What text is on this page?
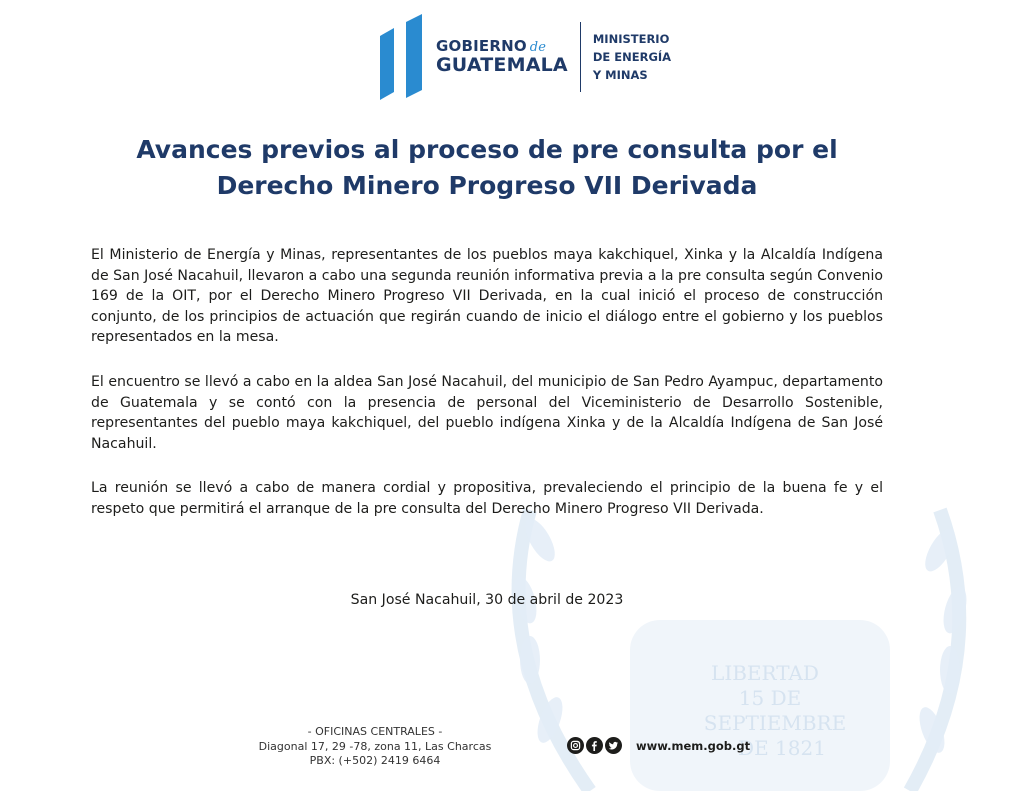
LIBERTAD
15 DE
SEPTIEMBRE
DE 1821
GOBIERNO de
GUATEMALA
MINISTERIO
DE ENERGÍA
Y MINAS
Avances previos al proceso de pre consulta por el
Derecho Minero Progreso VII Derivada

El Ministerio de Energía y Minas, representantes de los pueblos maya kakchiquel, Xinka y la Alcaldía Indígena de San José Nacahuil, llevaron a cabo una segunda reunión informativa previa a la pre consulta según Convenio 169 de la OIT, por el Derecho Minero Progreso VII Derivada, en la cual inició el proceso de construcción conjunto, de los principios de actuación que regirán cuando de inicio el diálogo entre el gobierno y los pueblos representados en la mesa.

El encuentro se llevó a cabo en la aldea San José Nacahuil, del municipio de San Pedro Ayampuc, departamento de Guatemala y se contó con la presencia de personal del Viceministerio de Desarrollo Sostenible, representantes del pueblo maya kakchiquel, del pueblo indígena Xinka y de la Alcaldía Indígena de San José Nacahuil.

La reunión se llevó a cabo de manera cordial y propositiva, prevaleciendo el principio de la buena fe y el respeto que permitirá el arranque de la pre consulta del Derecho Minero Progreso VII Derivada.

San José Nacahuil, 30 de abril de 2023
- OFICINAS CENTRALES -
Diagonal 17, 29 -78, zona 11, Las Charcas
PBX: (+502) 2419 6464
www.mem.gob.gt
